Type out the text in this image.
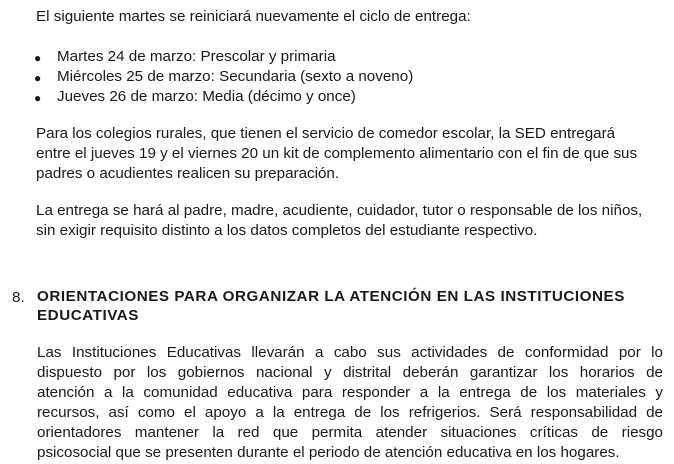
El siguiente martes se reiniciará nuevamente el ciclo de entrega:
● Martes 24 de marzo: Prescolar y primaria
● Miércoles 25 de marzo: Secundaria (sexto a noveno)
● Jueves 26 de marzo: Media (décimo y once)
Para los colegios rurales, que tienen el servicio de comedor escolar, la SED entregará
entre el jueves 19 y el viernes 20 un kit de complemento alimentario con el fin de que sus
padres o acudientes realicen su preparación.
La entrega se hará al padre, madre, acudiente, cuidador, tutor o responsable de los niños,
sin exigir requisito distinto a los datos completos del estudiante respectivo.
8. ORIENTACIONES PARA ORGANIZAR LA ATENCIÓN EN LAS INSTITUCIONES
EDUCATIVAS

Las Instituciones Educativas llevarán a cabo sus actividades de conformidad por lo

dispuesto por los gobiernos nacional y distrital deberán garantizar los horarios de

atención a la comunidad educativa para responder a la entrega de los materiales y

recursos, así como el apoyo a la entrega de los refrigerios. Será responsabilidad de

orientadores mantener la red que permita atender situaciones críticas de riesgo

psicosocial que se presenten durante el periodo de atención educativa en los hogares.
